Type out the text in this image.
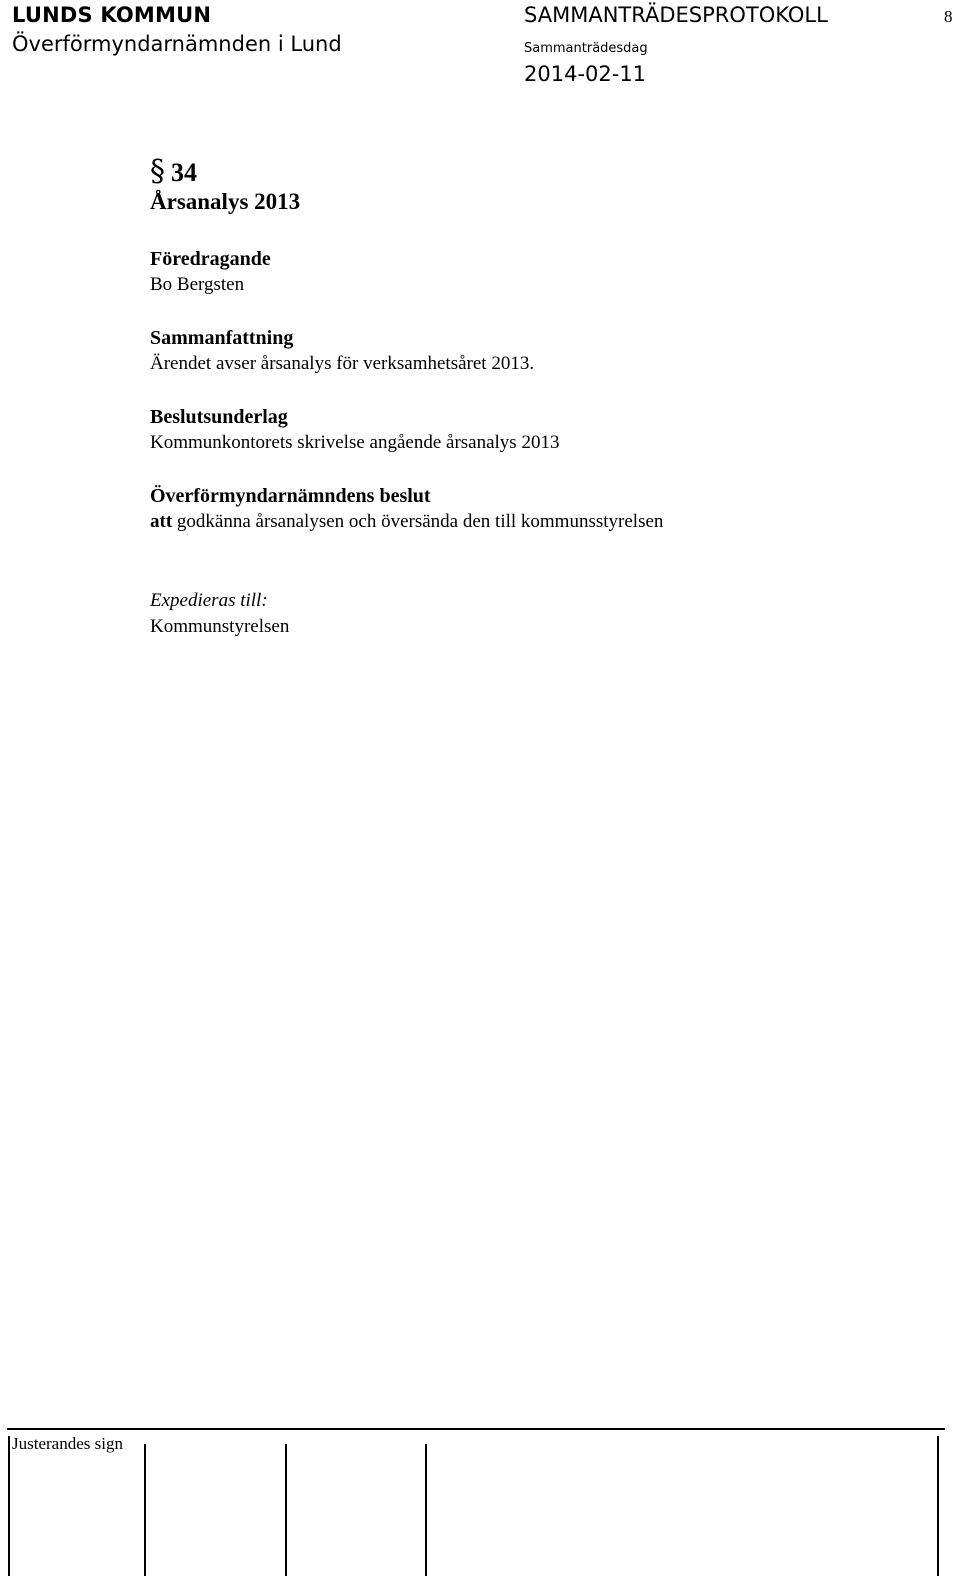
LUNDS KOMMUN
Överförmyndarnämnden i Lund
SAMMANTRÄDESPROTOKOLL
Sammanträdesdag
2014-02-11
8
§ 34
Årsanalys 2013
Föredragande
Bo Bergsten
Sammanfattning
Ärendet avser årsanalys för verksamhetsåret 2013.
Beslutsunderlag
Kommunkontorets skrivelse angående årsanalys 2013
Överförmyndarnämndens beslut
att godkänna årsanalysen och översända den till kommunsstyrelsen
Expedieras till:
Kommunstyrelsen
Justerandes sign
